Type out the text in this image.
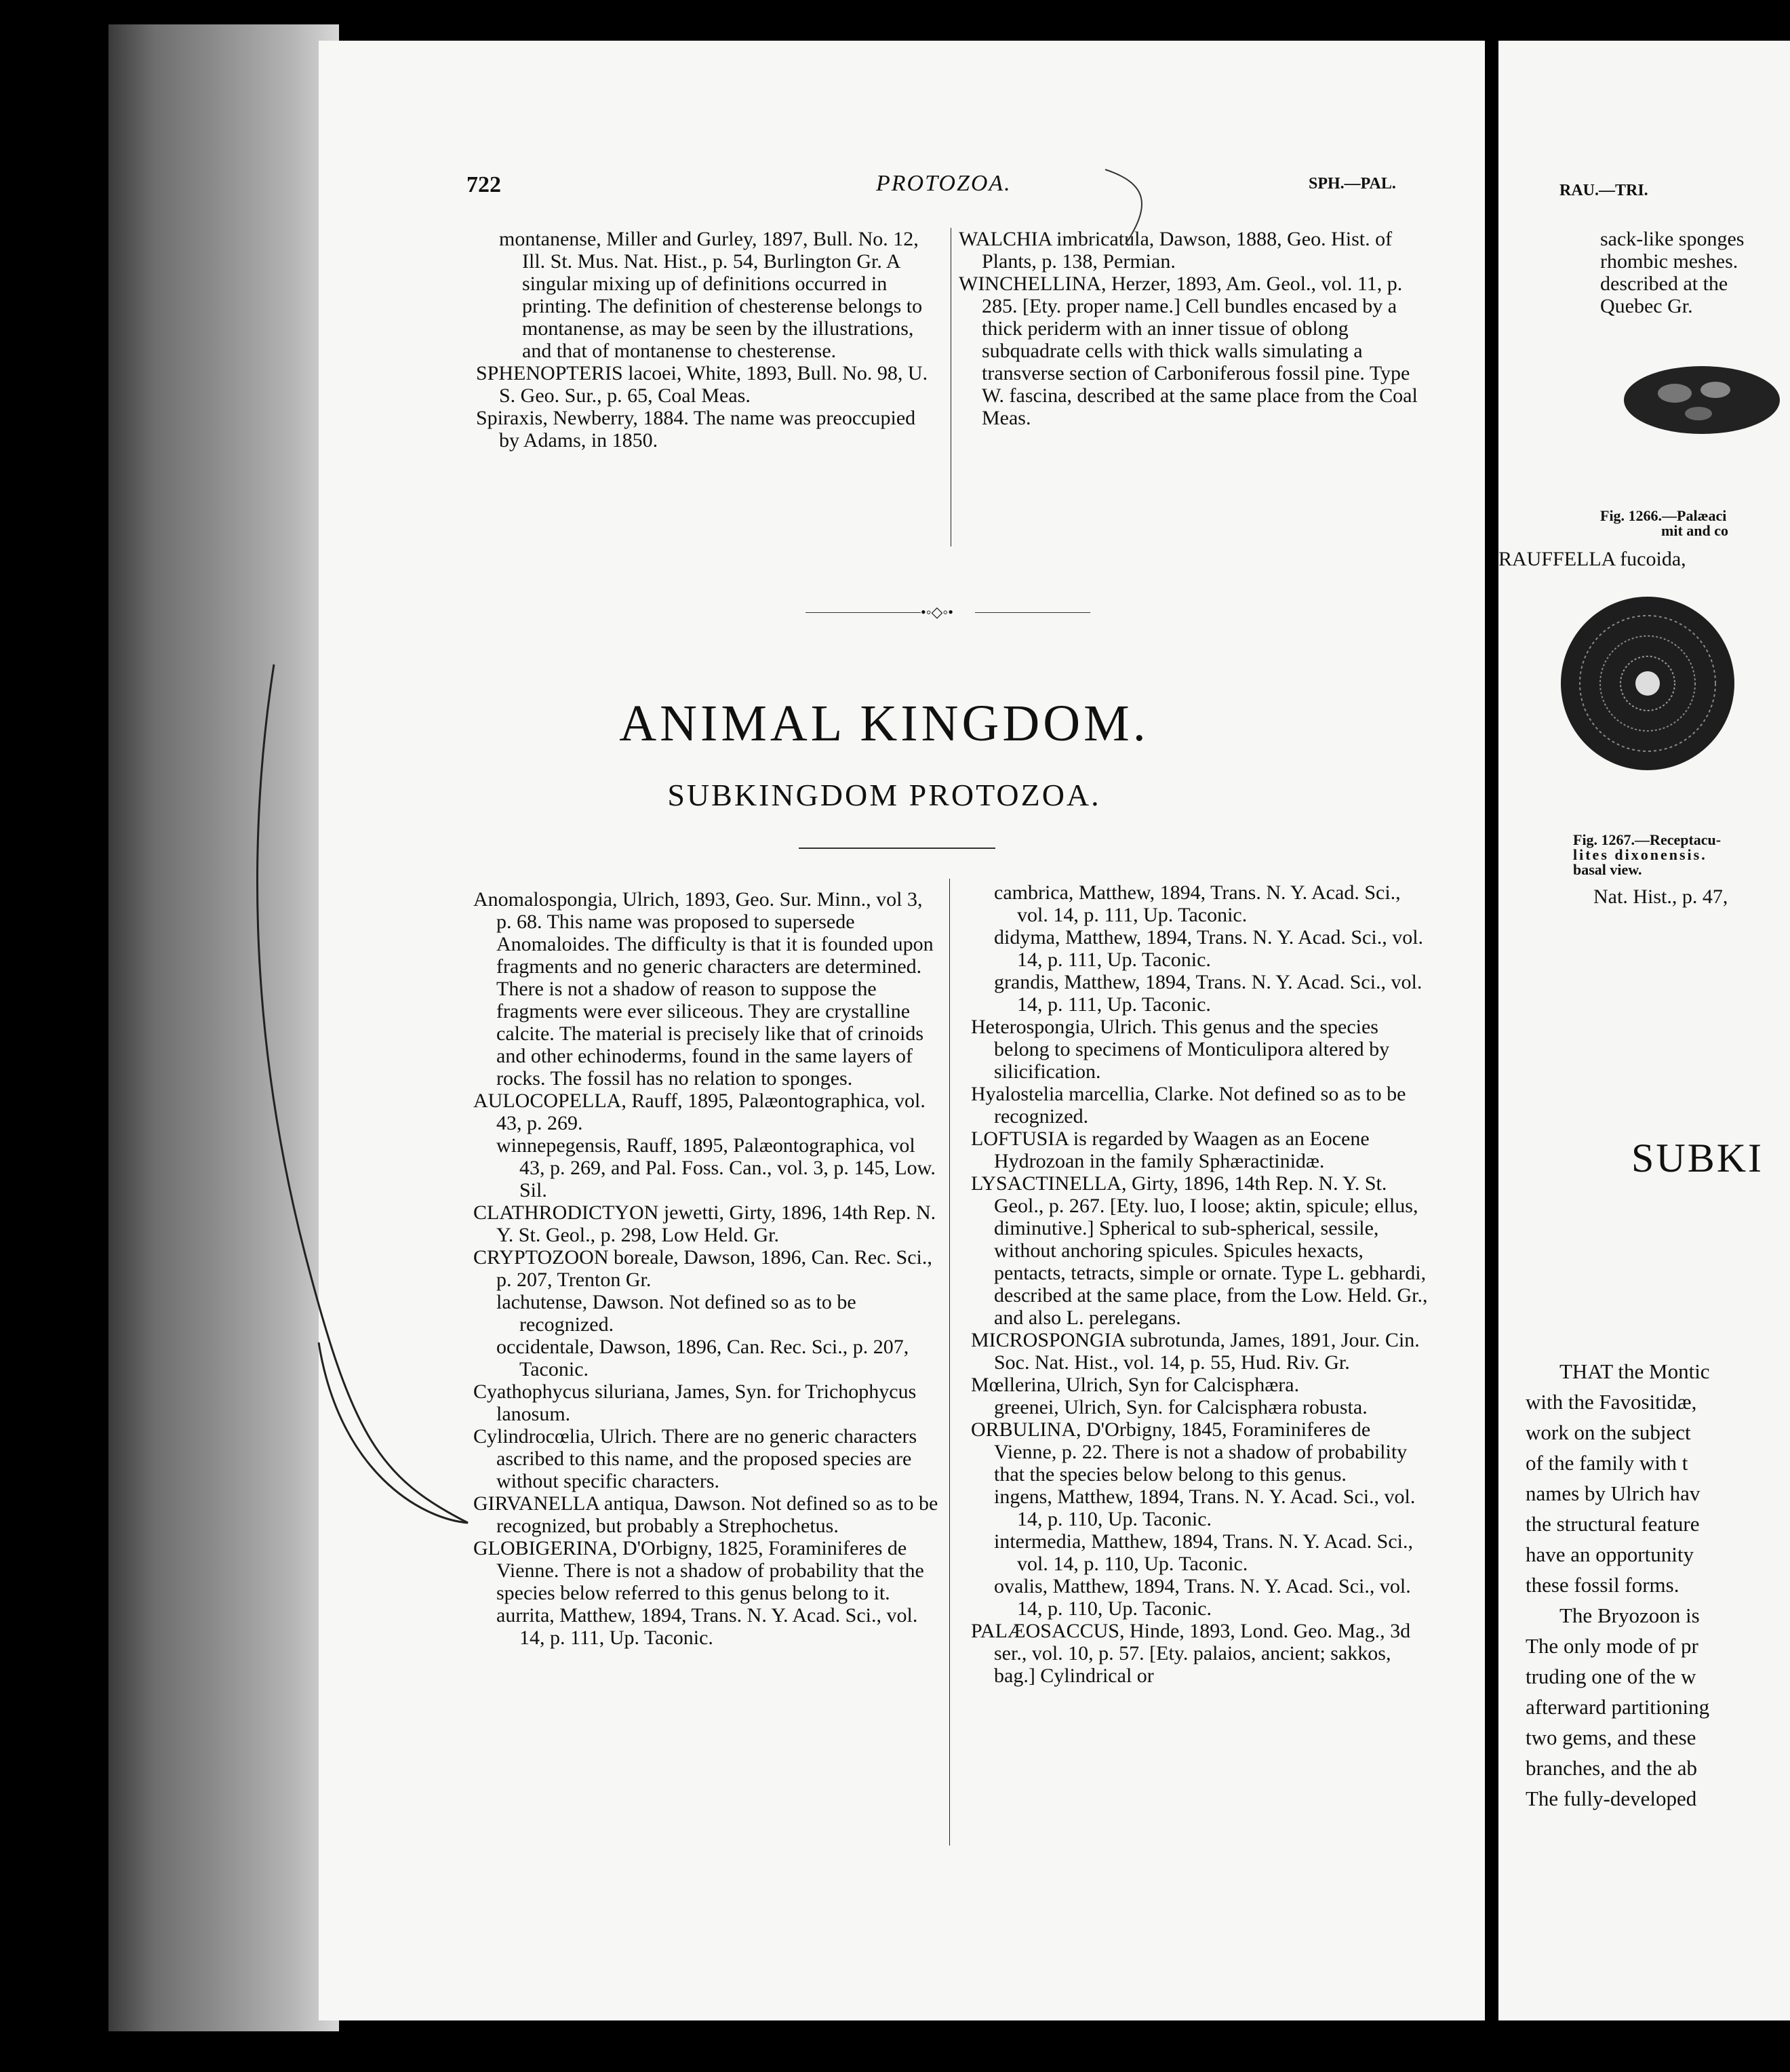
722	PROTOZOA.	SPH.—PAL.

montanense, Miller and Gurley, 1897, Bull. No. 12, Ill. St. Mus. Nat. Hist., p. 54, Burlington Gr. A singular mixing up of definitions occurred in printing. The definition of chesterense belongs to montanense, as may be seen by the illustrations, and that of montanense to chesterense.

SPHENOPTERIS lacoei, White, 1893, Bull. No. 98, U. S. Geo. Sur., p. 65, Coal Meas.

Spiraxis, Newberry, 1884. The name was preoccupied by Adams, in 1850.

WALCHIA imbricatula, Dawson, 1888, Geo. Hist. of Plants, p. 138, Permian.

WINCHELLINA, Herzer, 1893, Am. Geol., vol. 11, p. 285. [Ety. proper name.] Cell bundles encased by a thick periderm with an inner tissue of oblong subquadrate cells with thick walls simulating a transverse section of Carboniferous fossil pine. Type W. fascina, described at the same place from the Coal Meas.

•◦◇◦•
ANIMAL KINGDOM.
SUBKINGDOM PROTOZOA.

Anomalospongia, Ulrich, 1893, Geo. Sur. Minn., vol 3, p. 68. This name was proposed to supersede Anomaloides. The difficulty is that it is founded upon fragments and no generic characters are determined. There is not a shadow of reason to suppose the fragments were ever siliceous. They are crystalline calcite. The material is precisely like that of crinoids and other echinoderms, found in the same layers of rocks. The fossil has no relation to sponges.

AULOCOPELLA, Rauff, 1895, Palæontographica, vol. 43, p. 269.

winnepegensis, Rauff, 1895, Palæontographica, vol 43, p. 269, and Pal. Foss. Can., vol. 3, p. 145, Low. Sil.

CLATHRODICTYON jewetti, Girty, 1896, 14th Rep. N. Y. St. Geol., p. 298, Low Held. Gr.

CRYPTOZOON boreale, Dawson, 1896, Can. Rec. Sci., p. 207, Trenton Gr.

lachutense, Dawson. Not defined so as to be recognized.

occidentale, Dawson, 1896, Can. Rec. Sci., p. 207, Taconic.

Cyathophycus siluriana, James, Syn. for Trichophycus lanosum.

Cylindrocœlia, Ulrich. There are no generic characters ascribed to this name, and the proposed species are without specific characters.

GIRVANELLA antiqua, Dawson. Not defined so as to be recognized, but probably a Strephochetus.

GLOBIGERINA, D'Orbigny, 1825, Foraminiferes de Vienne. There is not a shadow of probability that the species below referred to this genus belong to it.

aurrita, Matthew, 1894, Trans. N. Y. Acad. Sci., vol. 14, p. 111, Up. Taconic.

cambrica, Matthew, 1894, Trans. N. Y. Acad. Sci., vol. 14, p. 111, Up. Taconic.

didyma, Matthew, 1894, Trans. N. Y. Acad. Sci., vol. 14, p. 111, Up. Taconic.

grandis, Matthew, 1894, Trans. N. Y. Acad. Sci., vol. 14, p. 111, Up. Taconic.

Heterospongia, Ulrich. This genus and the species belong to specimens of Monticulipora altered by silicification.

Hyalostelia marcellia, Clarke. Not defined so as to be recognized.

LOFTUSIA is regarded by Waagen as an Eocene Hydrozoan in the family Sphæractinidæ.

LYSACTINELLA, Girty, 1896, 14th Rep. N. Y. St. Geol., p. 267. [Ety. luo, I loose; aktin, spicule; ellus, diminutive.] Spherical to sub-spherical, sessile, without anchoring spicules. Spicules hexacts, pentacts, tetracts, simple or ornate. Type L. gebhardi, described at the same place, from the Low. Held. Gr., and also L. perelegans.

MICROSPONGIA subrotunda, James, 1891, Jour. Cin. Soc. Nat. Hist., vol. 14, p. 55, Hud. Riv. Gr.

Mœllerina, Ulrich, Syn for Calcisphæra.

greenei, Ulrich, Syn. for Calcisphæra robusta.

ORBULINA, D'Orbigny, 1845, Foraminiferes de Vienne, p. 22. There is not a shadow of probability that the species below belong to this genus.

ingens, Matthew, 1894, Trans. N. Y. Acad. Sci., vol. 14, p. 110, Up. Taconic.

intermedia, Matthew, 1894, Trans. N. Y. Acad. Sci., vol. 14, p. 110, Up. Taconic.

ovalis, Matthew, 1894, Trans. N. Y. Acad. Sci., vol. 14, p. 110, Up. Taconic.

PALÆOSACCUS, Hinde, 1893, Lond. Geo. Mag., 3d ser., vol. 10, p. 57. [Ety. palaios, ancient; sakkos, bag.] Cylindrical or

RAU.—TRI.
sack-like sponges
rhombic meshes.
described at the
Quebec Gr.
Fig. 1266.—Palæaci
mit and co
RAUFFELLA fucoida,
Fig. 1267.—Receptacu-
lites dixonensis.
basal view.
Nat. Hist., p. 47,
SUBKI
THAT the Montic
with the Favositidæ,
work on the subject
of the family with t
names by Ulrich hav
the structural feature
have an opportunity
these fossil forms.
The Bryozoon is
The only mode of pr
truding one of the w
afterward partitioning
two gems, and these
branches, and the ab
The fully-developed
